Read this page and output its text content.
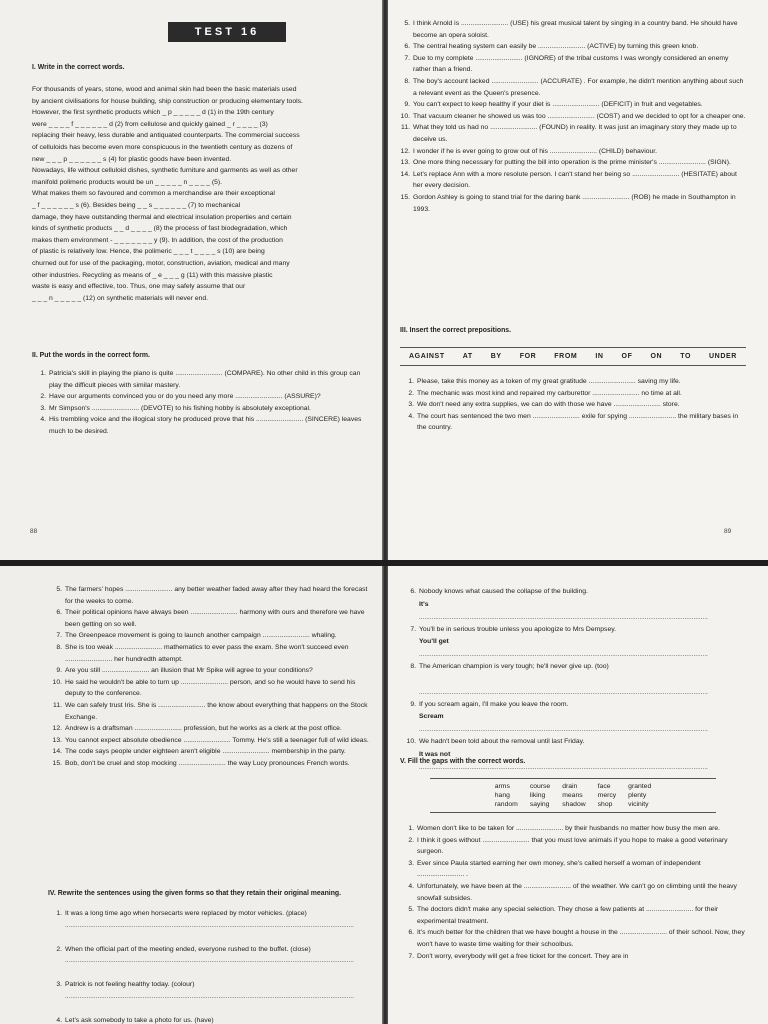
TEST 16

I. Write in the correct words.

For thousands of years, stone, wood and animal skin had been the basic materials used

by ancient civilisations for house building, ship construction or producing elementary tools.

However, the first synthetic products which _ p _ _ _ _ _ d (1) in the 19th century

were _ _ _ _ f _ _ _ _ _ _ d (2) from cellulose and quickly gained _ r _ _ _ _ (3)

replacing their heavy, less durable and antiquated counterparts. The commercial success

of celluloids has become even more conspicuous in the twentieth century as dozens of

new _ _ _ p _ _ _ _ _ _ s (4) for plastic goods have been invented.

Nowadays, life without celluloid dishes, synthetic furniture and garments as well as other

manifold polimeric products would be un _ _ _ _ _ n _ _ _ _ (5).

What makes them so favoured and common a merchandise are their exceptional

_ f _ _ _ _ _ _ s (6). Besides being _ _ s _ _ _ _ _ _ (7) to mechanical

damage, they have outstanding thermal and electrical insulation properties and certain

kinds of synthetic products _ _ d _ _ _ _ (8) the process of fast biodegradation, which

makes them environment - _ _ _ _ _ _ _ y (9). In addition, the cost of the production

of plastic is relatively low. Hence, the polimeric _ _ _ t _ _ _ _ s (10) are being

churned out for use of the packaging, motor, construction, aviation, medical and many

other industries. Recycling as means of _ e _ _ _ g (11) with this massive plastic

waste is easy and effective, too. Thus, one may safely assume that our

_ _ _ n _ _ _ _ _ (12) on synthetic materials will never end.

II. Put the words in the correct form.

1. Patricia's skill in playing the piano is quite ......................... (COMPARE). No other child in this group can play the difficult pieces with similar mastery.
2. Have our arguments convinced you or do you need any more ......................... (ASSURE)?
3. Mr Simpson's ......................... (DEVOTE) to his fishing hobby is absolutely exceptional.
4. His trembling voice and the illogical story he produced prove that his ......................... (SINCERE) leaves much to be desired.
88
5. I think Arnold is ......................... (USE) his great musical talent by singing in a country band. He should have become an opera soloist.
6. The central heating system can easily be ......................... (ACTIVE) by turning this green knob.
7. Due to my complete ......................... (IGNORE) of the tribal customs I was wrongly considered an enemy rather than a friend.
8. The boy's account lacked ......................... (ACCURATE) . For example, he didn't mention anything about such a relevant event as the Queen's presence.
9. You can't expect to keep healthy if your diet is ......................... (DEFICIT) in fruit and vegetables.
10. That vacuum cleaner he showed us was too ......................... (COST) and we decided to opt for a cheaper one.
11. What they told us had no ......................... (FOUND) in reality. It was just an imaginary story they made up to deceive us.
12. I wonder if he is ever going to grow out of his ......................... (CHILD) behaviour.
13. One more thing necessary for putting the bill into operation is the prime minister's ......................... (SIGN).
14. Let's replace Ann with a more resolute person. I can't stand her being so ......................... (HESITATE) about her every decision.
15. Gordon Ashley is going to stand trial for the daring bank ......................... (ROB) he made in Southampton in 1993.

III. Insert the correct prepositions.

AGAINST	AT	BY	FOR	FROM	IN	OF	ON	TO	UNDER
1. Please, take this money as a token of my great gratitude ......................... saving my life.
2. The mechanic was most kind and repaired my carburettor ......................... no time at all.
3. We don't need any extra supplies, we can do with those we have ......................... store.
4. The court has sentenced the two men ......................... exile for spying ......................... the military bases in the country.
89
5. The farmers' hopes ......................... any better weather faded away after they had heard the forecast for the weeks to come.
6. Their political opinions have always been ......................... harmony with ours and therefore we have been getting on so well.
7. The Greenpeace movement is going to launch another campaign ......................... whaling.
8. She is too weak ......................... mathematics to ever pass the exam. She won't succeed even ......................... her hundredth attempt.
9. Are you still ......................... an illusion that Mr Spike will agree to your conditions?
10. He said he wouldn't be able to turn up ......................... person, and so he would have to send his deputy to the conference.
11. We can safely trust Iris. She is ......................... the know about everything that happens on the Stock Exchange.
12. Andrew is a draftsman ......................... profession, but he works as a clerk at the post office.
13. You cannot expect absolute obedience ......................... Tommy. He's still a teenager full of wild ideas.
14. The code says people under eighteen aren't eligible ......................... membership in the party.
15. Bob, don't be cruel and stop mocking ......................... the way Lucy pronounces French words.

IV. Rewrite the sentences using the given forms so that they retain their original meaning.

1. It was a long time ago when horsecarts were replaced by motor vehicles. (place)
................................................................................................................................................................

2. When the official part of the meeting ended, everyone rushed to the buffet. (close)
................................................................................................................................................................

3. Patrick is not feeling healthy today. (colour)
................................................................................................................................................................

4. Let's ask somebody to take a photo for us. (have)
6. Nobody knows what caused the collapse of the building.
It's
................................................................................................................................................................
7. You'll be in serious trouble unless you apologize to Mrs Dempsey.
You'll get
................................................................................................................................................................
8. The American champion is very tough; he'll never give up. (too)

................................................................................................................................................................
9. If you scream again, I'll make you leave the room.
Scream
................................................................................................................................................................
10. We hadn't been told about the removal until last Friday.
It was not
................................................................................................................................................................

V. Fill the gaps with the correct words.

arms	course drain	face	granted
hang	liking	means	mercy plenty
random saying shadow shop	vicinity
1. Women don't like to be taken for ......................... by their husbands no matter how busy the men are.
2. I think it goes without ......................... that you must love animals if you hope to make a good veterinary surgeon.
3. Ever since Paula started earning her own money, she's called herself a woman of independent ......................... .
4. Unfortunately, we have been at the ......................... of the weather. We can't go on climbing until the heavy snowfall subsides.
5. The doctors didn't make any special selection. They chose a few patients at ......................... for their experimental treatment.
6. It's much better for the children that we have bought a house in the ......................... of their school. Now, they won't have to waste time waiting for their schoolbus.
7. Don't worry, everybody will get a free ticket for the concert. They are in
